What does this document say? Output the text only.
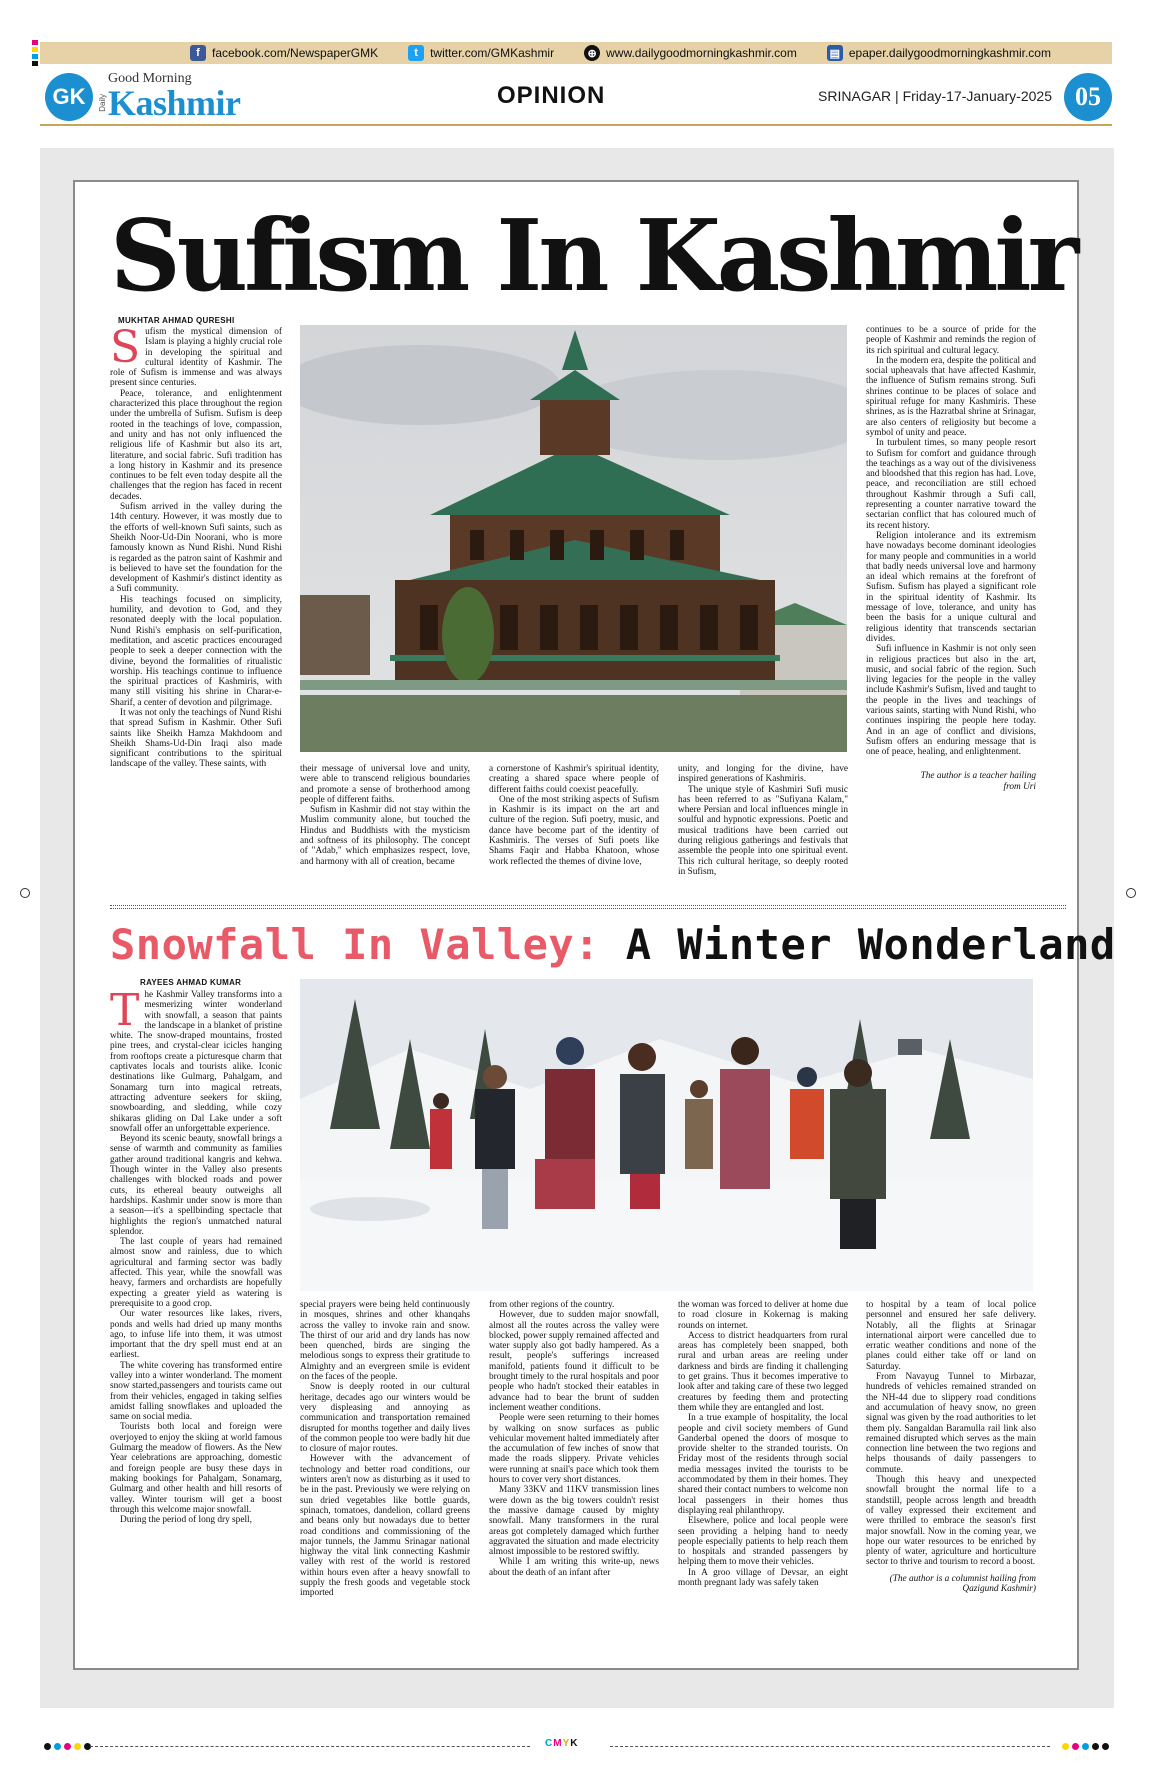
f	facebook.com/NewspaperGMK	t	twitter.com/GMKashmir	⊕ www.dailygoodmorningkashmir.com	▤ epaper.dailygoodmorningkashmir.com
GK
Good Morning
Daily Kashmir	OPINION	SRINAGAR | Friday-17-January-2025 05
Sufism In Kashmir
MUKHTAR AHMAD QURESHI

Sufism the mystical dimension of Islam is playing a highly crucial role in developing the spiritual and cultural identity of Kashmir. The role of Sufism is immense and was always present since centuries.

Peace, tolerance, and enlightenment characterized this place throughout the region under the umbrella of Sufism. Sufism is deep rooted in the teachings of love, compassion, and unity and has not only influenced the religious life of Kashmir but also its art, literature, and social fabric. Sufi tradition has a long history in Kashmir and its presence continues to be felt even today despite all the challenges that the region has faced in recent decades.

Sufism arrived in the valley during the 14th century. However, it was mostly due to the efforts of well-known Sufi saints, such as Sheikh Noor-Ud-Din Noorani, who is more famously known as Nund Rishi. Nund Rishi is regarded as the patron saint of Kashmir and is believed to have set the foundation for the development of Kashmir's distinct identity as a Sufi community.

His teachings focused on simplicity, humility, and devotion to God, and they resonated deeply with the local population. Nund Rishi's emphasis on self-purification, meditation, and ascetic practices encouraged people to seek a deeper connection with the divine, beyond the formalities of ritualistic worship. His teachings continue to influence the spiritual practices of Kashmiris, with many still visiting his shrine in Charar-e-Sharif, a center of devotion and pilgrimage.

It was not only the teachings of Nund Rishi that spread Sufism in Kashmir. Other Sufi saints like Sheikh Hamza Makhdoom and Sheikh Shams-Ud-Din Iraqi also made significant contributions to the spiritual landscape of the valley. These saints, with	their message of universal love and unity, were able to transcend religious boundaries and promote a sense of brotherhood among people of different faiths.

Sufism in Kashmir did not stay within the Muslim community alone, but touched the Hindus and Buddhists with the mysticism and softness of its philosophy. The concept of "Adab," which emphasizes respect, love, and harmony with all of creation, became

a cornerstone of Kashmir's spiritual identity, creating a shared space where people of different faiths could coexist peacefully.

One of the most striking aspects of Sufism in Kashmir is its impact on the art and culture of the region. Sufi poetry, music, and dance have become part of the identity of Kashmiris. The verses of Sufi poets like Shams Faqir and Habba Khatoon, whose work reflected the themes of divine love,

unity, and longing for the divine, have inspired generations of Kashmiris.

The unique style of Kashmiri Sufi music has been referred to as "Sufiyana Kalam," where Persian and local influences mingle in soulful and hypnotic expressions. Poetic and musical traditions have been carried out during religious gatherings and festivals that assemble the people into one spiritual event. This rich cultural heritage, so deeply rooted in Sufism,

continues to be a source of pride for the people of Kashmir and reminds the region of its rich spiritual and cultural legacy.

In the modern era, despite the political and social upheavals that have affected Kashmir, the influence of Sufism remains strong. Sufi shrines continue to be places of solace and spiritual refuge for many Kashmiris. These shrines, as is the Hazratbal shrine at Srinagar, are also centers of religiosity but become a symbol of unity and peace.

In turbulent times, so many people resort to Sufism for comfort and guidance through the teachings as a way out of the divisiveness and bloodshed that this region has had. Love, peace, and reconciliation are still echoed throughout Kashmir through a Sufi call, representing a counter narrative toward the sectarian conflict that has coloured much of its recent history.

Religion intolerance and its extremism have nowadays become dominant ideologies for many people and communities in a world that badly needs universal love and harmony an ideal which remains at the forefront of Sufism. Sufism has played a significant role in the spiritual identity of Kashmir. Its message of love, tolerance, and unity has been the basis for a unique cultural and religious identity that transcends sectarian divides.

Sufi influence in Kashmir is not only seen in religious practices but also in the art, music, and social fabric of the region. Such living legacies for the people in the valley include Kashmir's Sufism, lived and taught to the people in the lives and teachings of various saints, starting with Nund Rishi, who continues inspiring the people here today. And in an age of conflict and divisions, Sufism offers an enduring message that is one of peace, healing, and enlightenment.

The author is a teacher hailing
from Uri
Snowfall In Valley: A Winter Wonderland
RAYEES AHMAD KUMAR

The Kashmir Valley transforms into a mesmerizing winter wonderland with snowfall, a season that paints the landscape in a blanket of pristine white. The snow-draped mountains, frosted pine trees, and crystal-clear icicles hanging from rooftops create a picturesque charm that captivates locals and tourists alike. Iconic destinations like Gulmarg, Pahalgam, and Sonamarg turn into magical retreats, attracting adventure seekers for skiing, snowboarding, and sledding, while cozy shikaras gliding on Dal Lake under a soft snowfall offer an unforgettable experience.

Beyond its scenic beauty, snowfall brings a sense of warmth and community as families gather around traditional kangris and kehwa. Though winter in the Valley also presents challenges with blocked roads and power cuts, its ethereal beauty outweighs all hardships. Kashmir under snow is more than a season—it's a spellbinding spectacle that highlights the region's unmatched natural splendor.

The last couple of years had remained almost snow and rainless, due to which agricultural and farming sector was badly affected. This year, while the snowfall was heavy, farmers and orchardists are hopefully expecting a greater yield as watering is prerequisite to a good crop.

Our water resources like lakes, rivers, ponds and wells had dried up many months ago, to infuse life into them, it was utmost important that the dry spell must end at an earliest.

The white covering has transformed entire valley into a winter wonderland. The moment snow started,passengers and tourists came out from their vehicles, engaged in taking selfies amidst falling snowflakes and uploaded the same on social media.

Tourists both local and foreign were overjoyed to enjoy the skiing at world famous Gulmarg the meadow of flowers. As the New Year celebrations are approaching, domestic and foreign people are busy these days in making bookings for Pahalgam, Sonamarg, Gulmarg and other health and hill resorts of valley. Winter tourism will get a boost through this welcome major snowfall.

During the period of long dry spell,

special prayers were being held continuously in mosques, shrines and other khanqahs across the valley to invoke rain and snow. The thirst of our arid and dry lands has now been quenched, birds are singing the melodious songs to express their gratitude to Almighty and an evergreen smile is evident on the faces of the people.

Snow is deeply rooted in our cultural heritage, decades ago our winters would be very displeasing and annoying as communication and transportation remained disrupted for months together and daily lives of the common people too were badly hit due to closure of major routes.

However with the advancement of technology and better road conditions, our winters aren't now as disturbing as it used to be in the past. Previously we were relying on sun dried vegetables like bottle guards, spinach, tomatoes, dandelion, collard greens and beans only but nowadays due to better road conditions and commissioning of the major tunnels, the Jammu Srinagar national highway the vital link connecting Kashmir valley with rest of the world is restored within hours even after a heavy snowfall to supply the fresh goods and vegetable stock imported

from other regions of the country.

However, due to sudden major snowfall, almost all the routes across the valley were blocked, power supply remained affected and water supply also got badly hampered. As a result, people's sufferings increased manifold, patients found it difficult to be brought timely to the rural hospitals and poor people who hadn't stocked their eatables in advance had to bear the brunt of sudden inclement weather conditions.

People were seen returning to their homes by walking on snow surfaces as public vehicular movement halted immediately after the accumulation of few inches of snow that made the roads slippery. Private vehicles were running at snail's pace which took them hours to cover very short distances.

Many 33KV and 11KV transmission lines were down as the big towers couldn't resist the massive damage caused by mighty snowfall. Many transformers in the rural areas got completely damaged which further aggravated the situation and made electricity almost impossible to be restored swiftly.

While I am writing this write-up, news about the death of an infant after

the woman was forced to deliver at home due to road closure in Kokernag is making rounds on internet.

Access to district headquarters from rural areas has completely been snapped, both rural and urban areas are reeling under darkness and birds are finding it challenging to get grains. Thus it becomes imperative to look after and taking care of these two legged creatures by feeding them and protecting them while they are entangled and lost.

In a true example of hospitality, the local people and civil society members of Gund Ganderbal opened the doors of mosque to provide shelter to the stranded tourists. On Friday most of the residents through social media messages invited the tourists to be accommodated by them in their homes. They shared their contact numbers to welcome non local passengers in their homes thus displaying real philanthropy.

Elsewhere, police and local people were seen providing a helping hand to needy people especially patients to help reach them to hospitals and stranded passengers by helping them to move their vehicles.

In A groo village of Devsar, an eight month pregnant lady was safely taken

to hospital by a team of local police personnel and ensured her safe delivery. Notably, all the flights at Srinagar international airport were cancelled due to erratic weather conditions and none of the planes could either take off or land on Saturday.

From Navayug Tunnel to Mirbazar, hundreds of vehicles remained stranded on the NH-44 due to slippery road conditions and accumulation of heavy snow, no green signal was given by the road authorities to let them ply. Sangaldan Baramulla rail link also remained disrupted which serves as the main connection line between the two regions and helps thousands of daily passengers to commute.

Though this heavy and unexpected snowfall brought the normal life to a standstill, people across length and breadth of valley expressed their excitement and were thrilled to embrace the season's first major snowfall. Now in the coming year, we hope our water resources to be enriched by plenty of water, agriculture and horticulture sector to thrive and tourism to record a boost.

(The author is a columnist hailing from Qazigund Kashmir)

C M Y K
